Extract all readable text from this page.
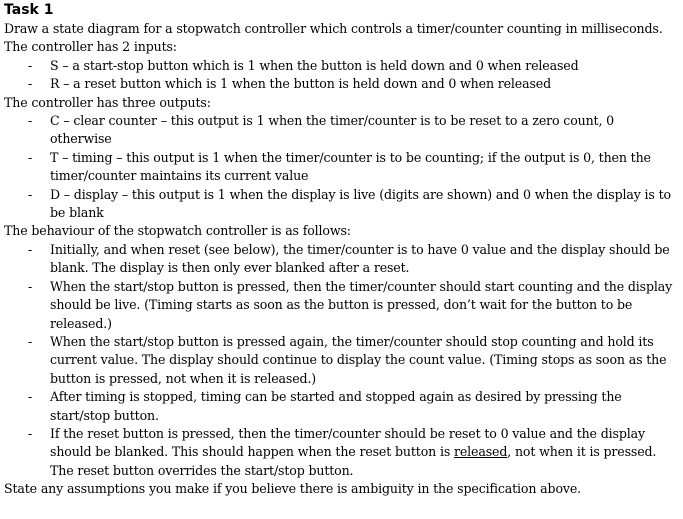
Task 1

Draw a state diagram for a stopwatch controller which controls a timer/counter counting in milliseconds. The controller has 2 inputs:

- S – a start-stop button which is 1 when the button is held down and 0 when released
- R – a reset button which is 1 when the button is held down and 0 when released

The controller has three outputs:

- C – clear counter – this output is 1 when the timer/counter is to be reset to a zero count, 0 otherwise
- T – timing – this output is 1 when the timer/counter is to be counting; if the output is 0, then the timer/counter maintains its current value
- D – display – this output is 1 when the display is live (digits are shown) and 0 when the display is to be blank

The behaviour of the stopwatch controller is as follows:

- Initially, and when reset (see below), the timer/counter is to have 0 value and the display should be blank. The display is then only ever blanked after a reset.
- When the start/stop button is pressed, then the timer/counter should start counting and the display should be live. (Timing starts as soon as the button is pressed, don’t wait for the button to be released.)
- When the start/stop button is pressed again, the timer/counter should stop counting and hold its current value. The display should continue to display the count value. (Timing stops as soon as the button is pressed, not when it is released.)
- After timing is stopped, timing can be started and stopped again as desired by pressing the start/stop button.
- If the reset button is pressed, then the timer/counter should be reset to 0 value and the display should be blanked. This should happen when the reset button is released, not when it is pressed. The reset button overrides the start/stop button.

State any assumptions you make if you believe there is ambiguity in the specification above.
